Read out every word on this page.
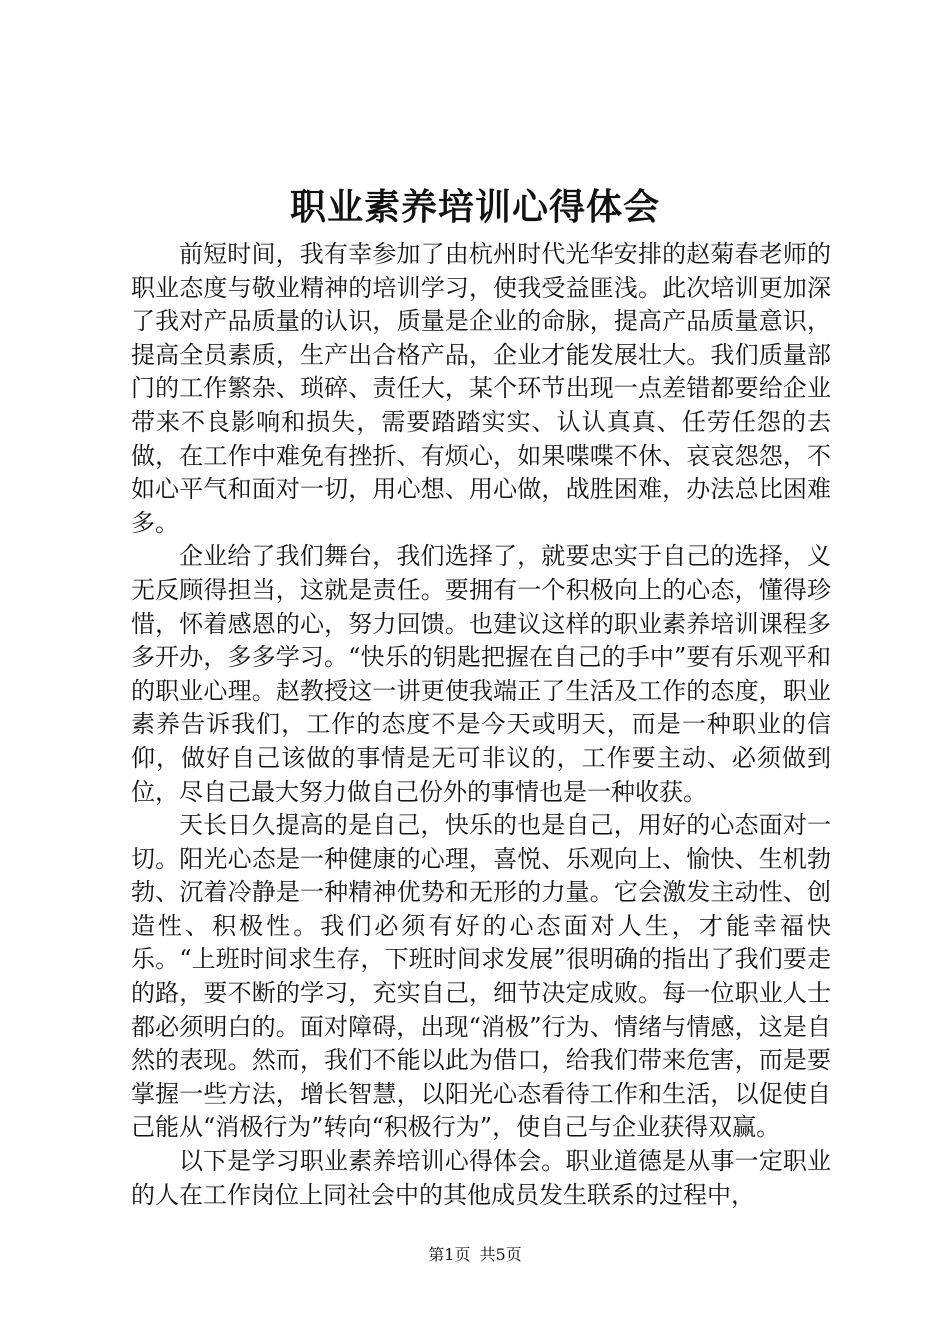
职业素养培训心得体会

前短时间，我有幸参加了由杭州时代光华安排的赵菊春老师的职业态度与敬业精神的培训学习，使我受益匪浅。此次培训更加深了我对产品质量的认识，质量是企业的命脉，提高产品质量意识，提高全员素质，生产出合格产品，企业才能发展壮大。我们质量部门的工作繁杂、琐碎、责任大，某个环节出现一点差错都要给企业带来不良影响和损失，需要踏踏实实、认认真真、任劳任怨的去做，在工作中难免有挫折、有烦心，如果喋喋不休、哀哀怨怨，不如心平气和面对一切，用心想、用心做，战胜困难，办法总比困难多。

企业给了我们舞台，我们选择了，就要忠实于自己的选择，义无反顾得担当，这就是责任。要拥有一个积极向上的心态，懂得珍惜，怀着感恩的心，努力回馈。也建议这样的职业素养培训课程多多开办，多多学习。“快乐的钥匙把握在自己的手中”要有乐观平和的职业心理。赵教授这一讲更使我端正了生活及工作的态度，职业素养告诉我们，工作的态度不是今天或明天，而是一种职业的信仰，做好自己该做的事情是无可非议的，工作要主动、必须做到位，尽自己最大努力做自己份外的事情也是一种收获。

天长日久提高的是自己，快乐的也是自己，用好的心态面对一切。阳光心态是一种健康的心理，喜悦、乐观向上、愉快、生机勃勃、沉着冷静是一种精神优势和无形的力量。它会激发主动性、创造性、积极性。我们必须有好的心态面对人生，才能幸福快乐。“上班时间求生存，下班时间求发展”很明确的指出了我们要走的路，要不断的学习，充实自己，细节决定成败。每一位职业人士都必须明白的。面对障碍，出现“消极”行为、情绪与情感，这是自然的表现。然而，我们不能以此为借口，给我们带来危害，而是要掌握一些方法，增长智慧，以阳光心态看待工作和生活，以促使自己能从“消极行为”转向“积极行为”，使自己与企业获得双赢。

以下是学习职业素养培训心得体会。职业道德是从事一定职业的人在工作岗位上同社会中的其他成员发生联系的过程中，

第1页 共5页
